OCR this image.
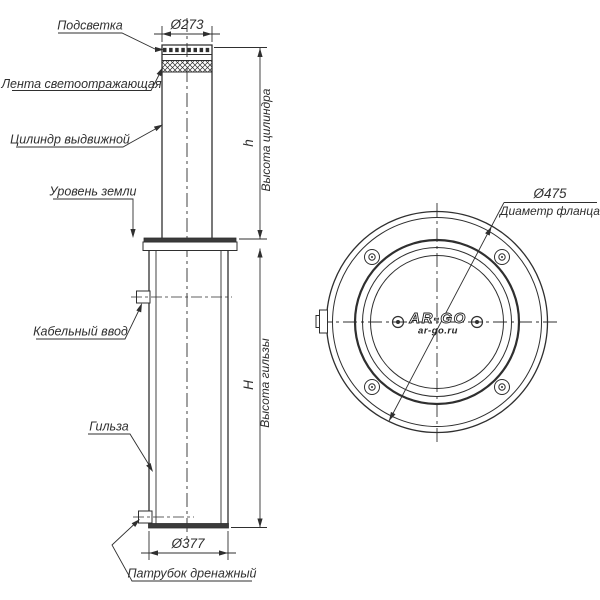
Подсветка
Лента светоотражающая
Цилиндр выдвижной
Уровень земли
Кабельный ввод
Гильза
Патрубок дренажный
Ø273
Ø377
h Высота цилиндра
H Высота гильзы
Ø475
Диаметр фланца
AR-GO
ar-go.ru
